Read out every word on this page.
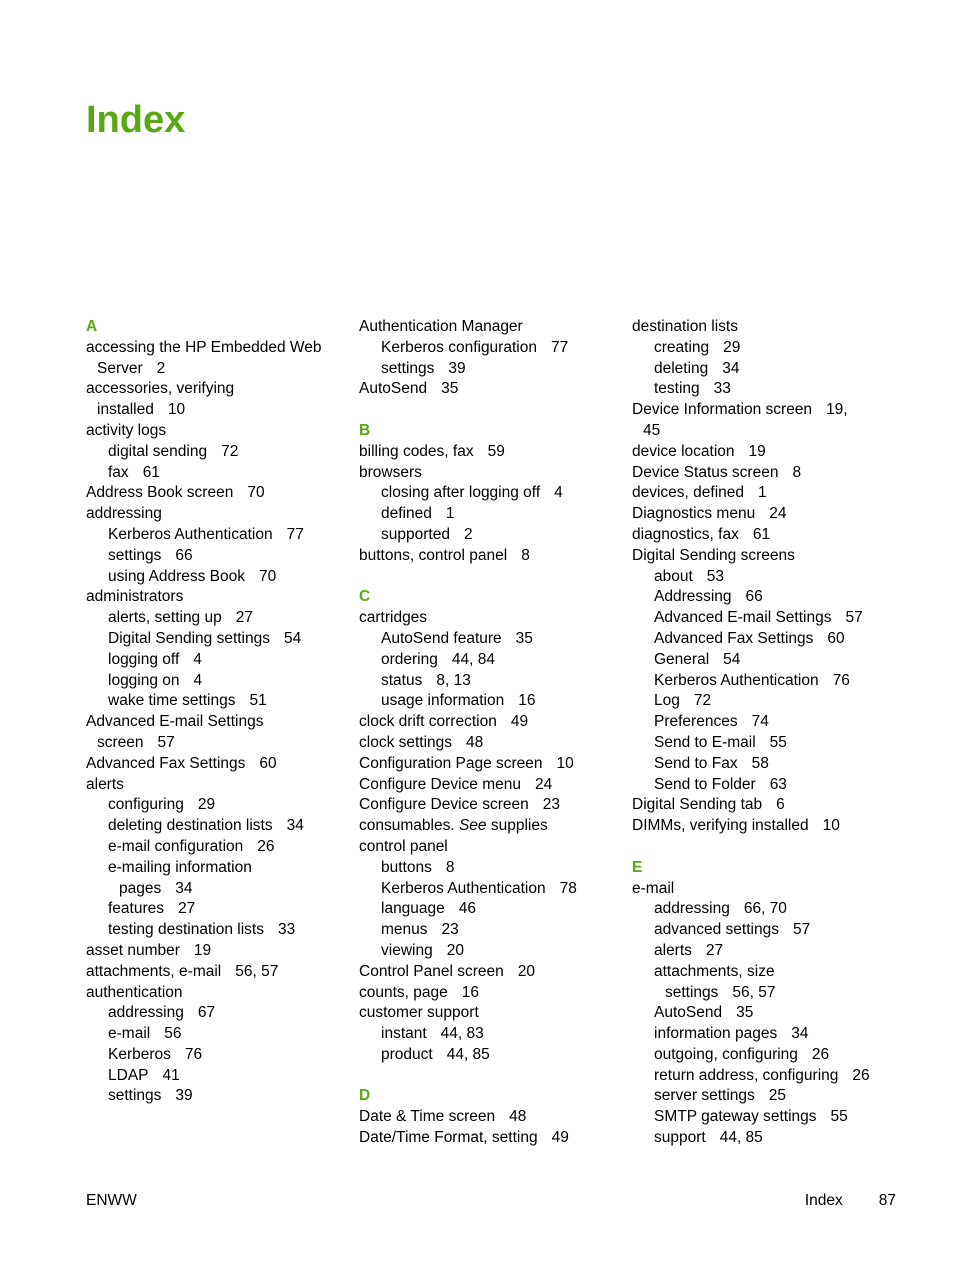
Index
A
accessing the HP Embedded Web
Server 2
accessories, verifying
installed 10
activity logs
digital sending 72
fax 61
Address Book screen 70
addressing
Kerberos Authentication 77
settings 66
using Address Book 70
administrators
alerts, setting up 27
Digital Sending settings 54
logging off 4
logging on 4
wake time settings 51
Advanced E-mail Settings
screen 57
Advanced Fax Settings 60
alerts
configuring 29
deleting destination lists 34
e-mail configuration 26
e-mailing information
pages 34
features 27
testing destination lists 33
asset number 19
attachments, e-mail 56, 57
authentication
addressing 67
e-mail 56
Kerberos 76
LDAP 41
settings 39
Authentication Manager
Kerberos configuration 77
settings 39
AutoSend 35
B
billing codes, fax 59
browsers
closing after logging off 4
defined 1
supported 2
buttons, control panel 8
C
cartridges
AutoSend feature 35
ordering 44, 84
status 8, 13
usage information 16
clock drift correction 49
clock settings 48
Configuration Page screen 10
Configure Device menu 24
Configure Device screen 23
consumables. See supplies
control panel
buttons 8
Kerberos Authentication 78
language 46
menus 23
viewing 20
Control Panel screen 20
counts, page 16
customer support
instant 44, 83
product 44, 85
D
Date & Time screen 48
Date/Time Format, setting 49
destination lists
creating 29
deleting 34
testing 33
Device Information screen 19,
45
device location 19
Device Status screen 8
devices, defined 1
Diagnostics menu 24
diagnostics, fax 61
Digital Sending screens
about 53
Addressing 66
Advanced E-mail Settings 57
Advanced Fax Settings 60
General 54
Kerberos Authentication 76
Log 72
Preferences 74
Send to E-mail 55
Send to Fax 58
Send to Folder 63
Digital Sending tab 6
DIMMs, verifying installed 10
E
e-mail
addressing 66, 70
advanced settings 57
alerts 27
attachments, size
settings 56, 57
AutoSend 35
information pages 34
outgoing, configuring 26
return address, configuring 26
server settings 25
SMTP gateway settings 55
support 44, 85
ENWW	Index 87
